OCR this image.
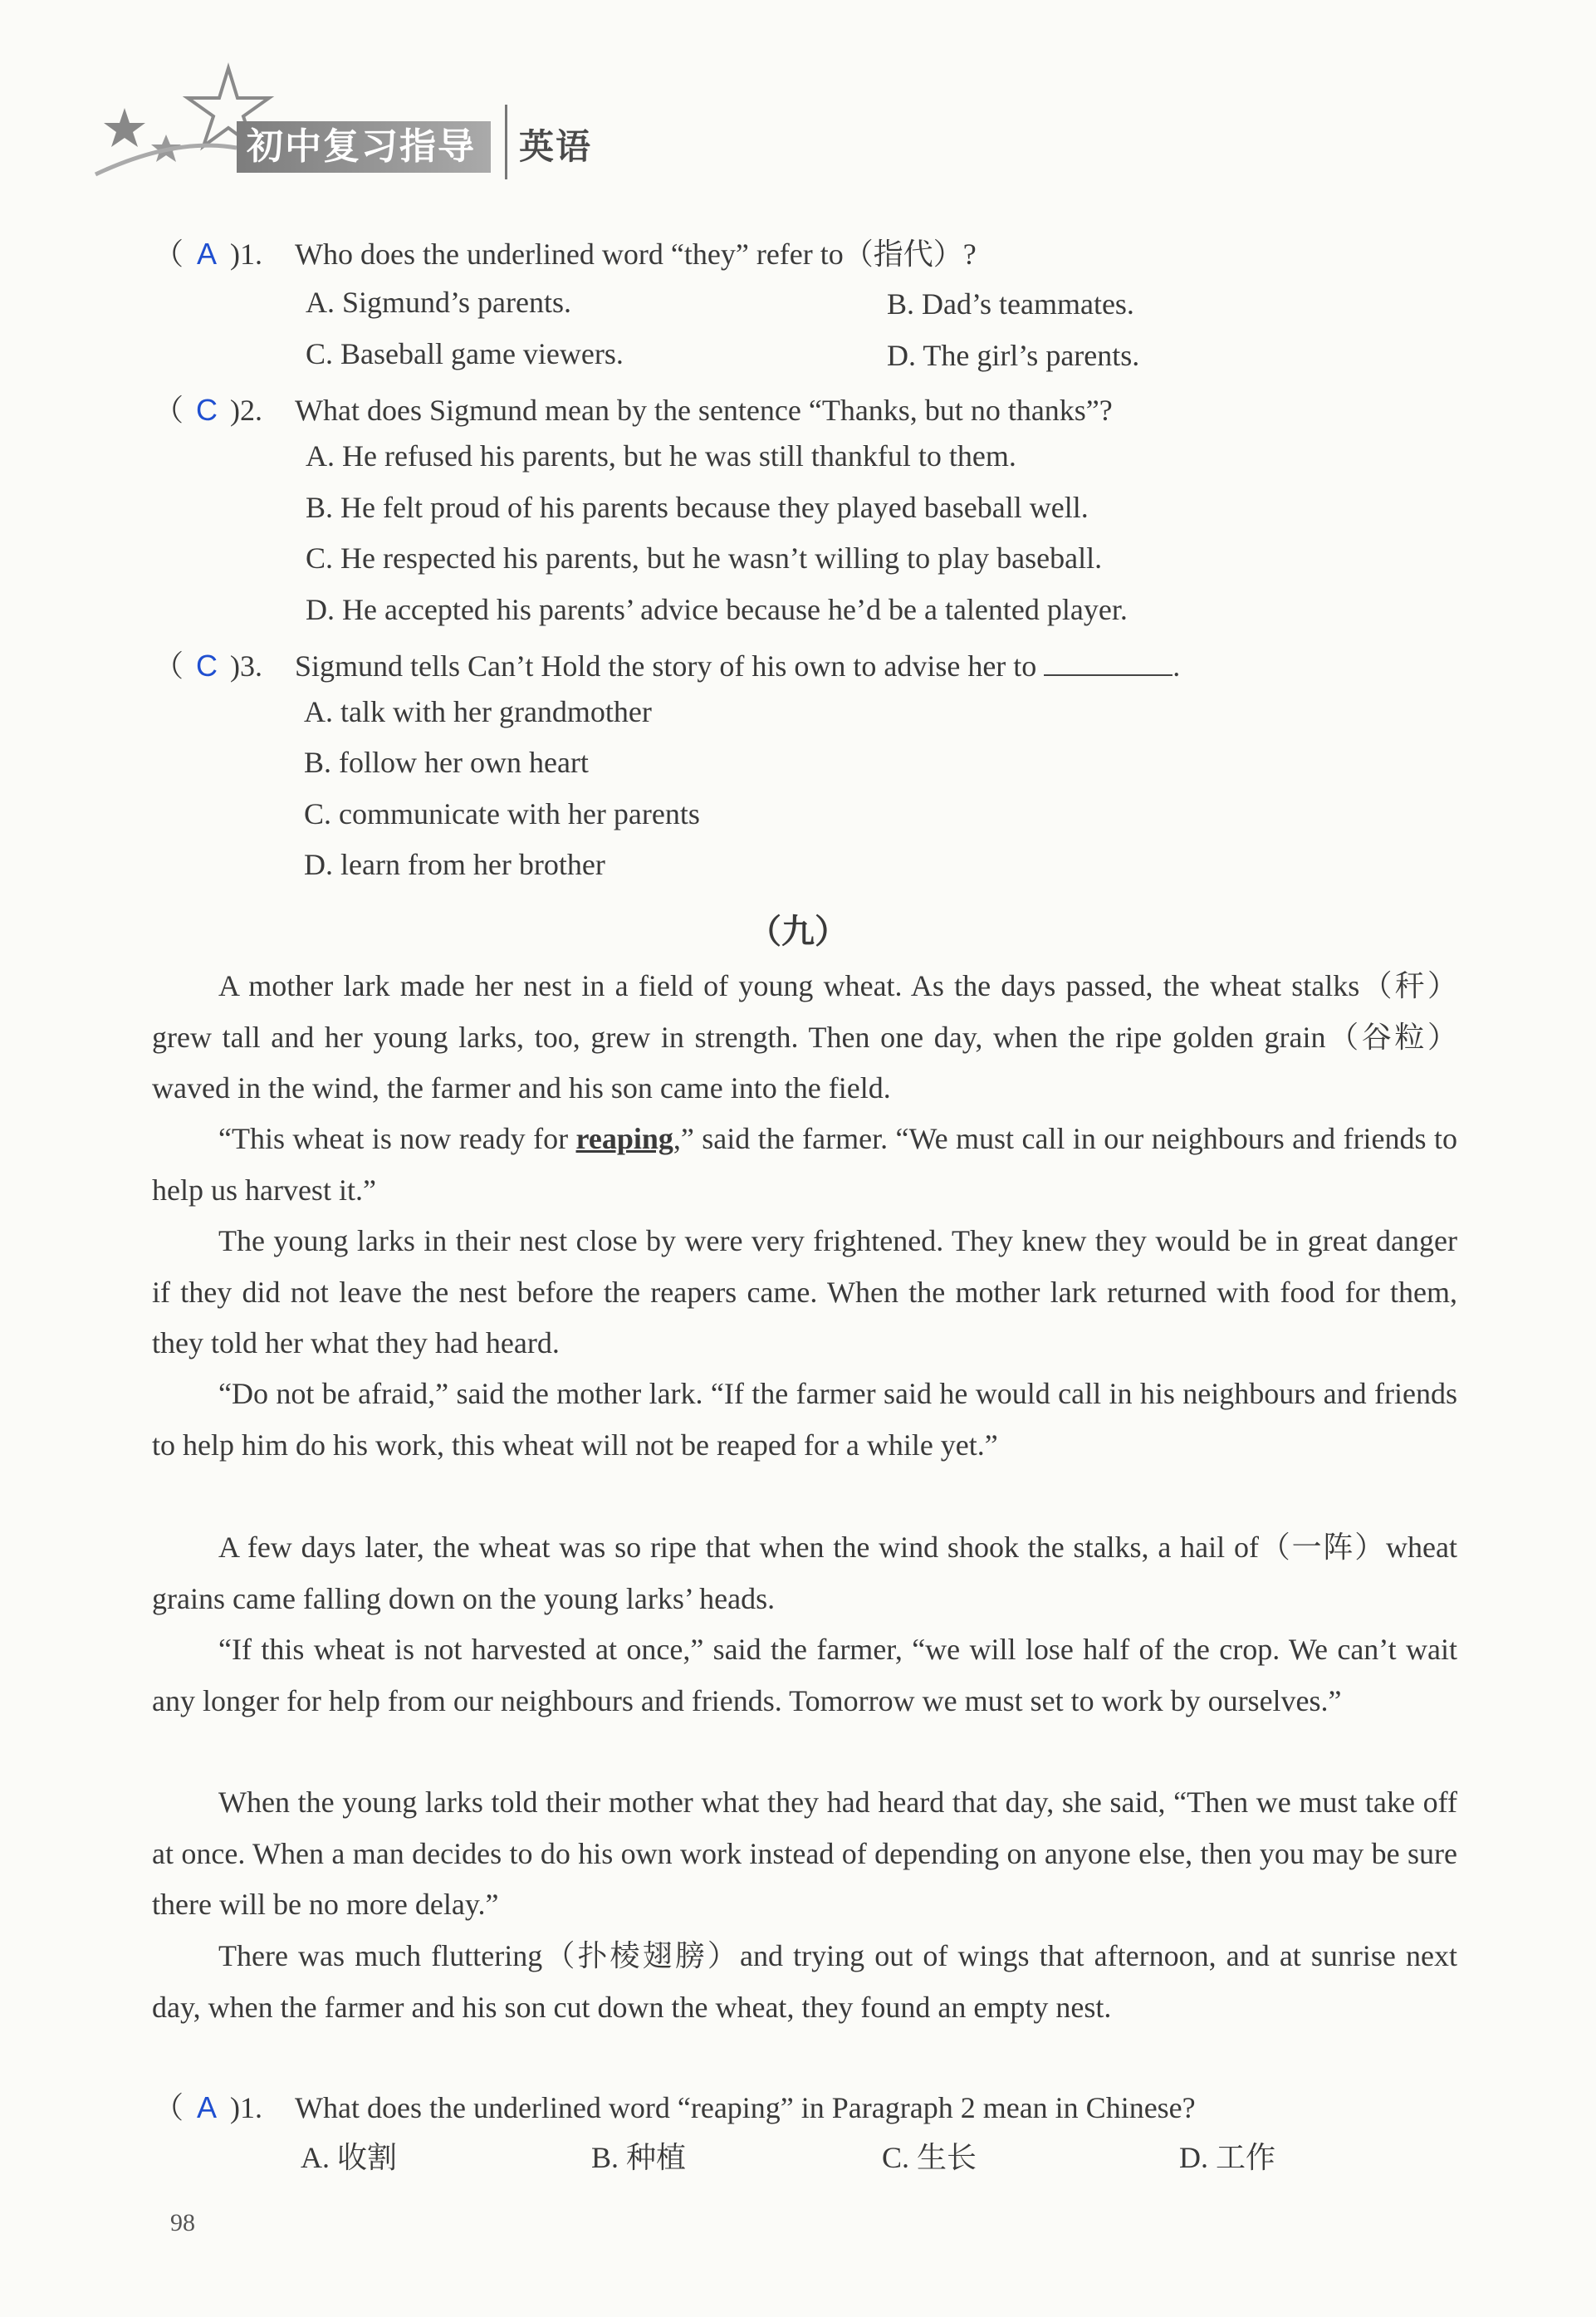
初中复习指导	英语
（ A )1. Who does the underlined word “they” refer to（指代）?
A. Sigmund’s parents.	B. Dad’s teammates.
C. Baseball game viewers.	D. The girl’s parents.
（ C )2. What does Sigmund mean by the sentence “Thanks, but no thanks”?
A. He refused his parents, but he was still thankful to them.
B. He felt proud of his parents because they played baseball well.
C. He respected his parents, but he wasn’t willing to play baseball.
D. He accepted his parents’ advice because he’d be a talented player.
（ C )3. Sigmund tells Can’t Hold the story of his own to advise her to	.
A. talk with her grandmother
B. follow her own heart
C. communicate with her parents
D. learn from her brother
（九）
A mother lark made her nest in a field of young wheat. As the days passed, the wheat stalks（秆）grew tall and her young larks, too, grew in strength. Then one day, when the ripe golden grain（谷粒）waved in the wind, the farmer and his son came into the field.
“This wheat is now ready for reaping,” said the farmer. “We must call in our neighbours and friends to help us harvest it.”
The young larks in their nest close by were very frightened. They knew they would be in great danger if they did not leave the nest before the reapers came. When the mother lark returned with food for them, they told her what they had heard.
“Do not be afraid,” said the mother lark. “If the farmer said he would call in his neighbours and friends to help him do his work, this wheat will not be reaped for a while yet.”
A few days later, the wheat was so ripe that when the wind shook the stalks, a hail of（一阵）wheat grains came falling down on the young larks’ heads.
“If this wheat is not harvested at once,” said the farmer, “we will lose half of the crop. We can’t wait any longer for help from our neighbours and friends. Tomorrow we must set to work by ourselves.”
When the young larks told their mother what they had heard that day, she said, “Then we must take off at once. When a man decides to do his own work instead of depending on anyone else, then you may be sure there will be no more delay.”
There was much fluttering（扑棱翅膀）and trying out of wings that afternoon, and at sunrise next day, when the farmer and his son cut down the wheat, they found an empty nest.
（ A )1. What does the underlined word “reaping” in Paragraph 2 mean in Chinese?
A. 收割	B. 种植	C. 生长	D. 工作
98
